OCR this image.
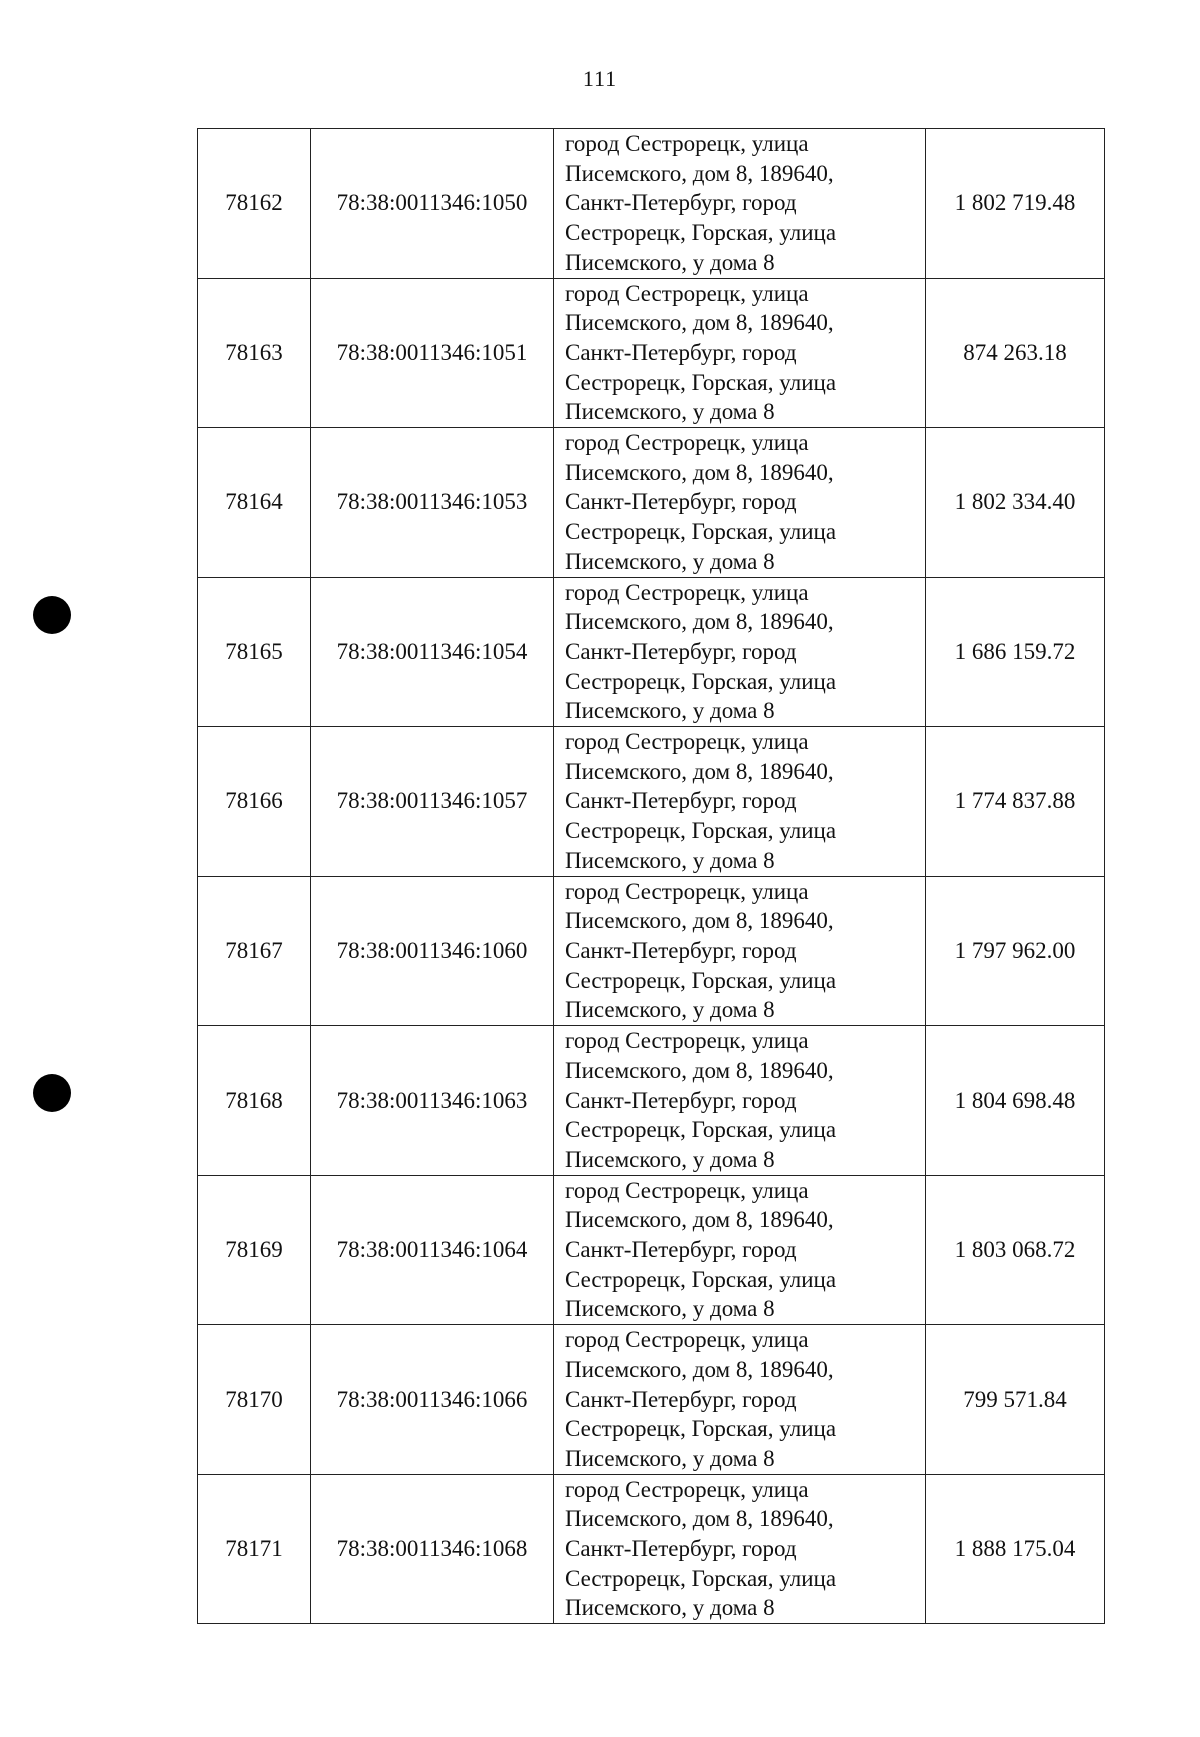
111
78162	78:38:0011346:1050	город Сестрорецк, улица
Писемского, дом 8, 189640,
Санкт-Петербург, город
Сестрорецк, Горская, улица
Писемского, у дома 8	1 802 719.48
78163	78:38:0011346:1051	город Сестрорецк, улица
Писемского, дом 8, 189640,
Санкт-Петербург, город
Сестрорецк, Горская, улица
Писемского, у дома 8	874 263.18
78164	78:38:0011346:1053	город Сестрорецк, улица
Писемского, дом 8, 189640,
Санкт-Петербург, город
Сестрорецк, Горская, улица
Писемского, у дома 8	1 802 334.40
78165	78:38:0011346:1054	город Сестрорецк, улица
Писемского, дом 8, 189640,
Санкт-Петербург, город
Сестрорецк, Горская, улица
Писемского, у дома 8	1 686 159.72
78166	78:38:0011346:1057	город Сестрорецк, улица
Писемского, дом 8, 189640,
Санкт-Петербург, город
Сестрорецк, Горская, улица
Писемского, у дома 8	1 774 837.88
78167	78:38:0011346:1060	город Сестрорецк, улица
Писемского, дом 8, 189640,
Санкт-Петербург, город
Сестрорецк, Горская, улица
Писемского, у дома 8	1 797 962.00
78168	78:38:0011346:1063	город Сестрорецк, улица
Писемского, дом 8, 189640,
Санкт-Петербург, город
Сестрорецк, Горская, улица
Писемского, у дома 8	1 804 698.48
78169	78:38:0011346:1064	город Сестрорецк, улица
Писемского, дом 8, 189640,
Санкт-Петербург, город
Сестрорецк, Горская, улица
Писемского, у дома 8	1 803 068.72
78170	78:38:0011346:1066	город Сестрорецк, улица
Писемского, дом 8, 189640,
Санкт-Петербург, город
Сестрорецк, Горская, улица
Писемского, у дома 8	799 571.84
78171	78:38:0011346:1068	город Сестрорецк, улица
Писемского, дом 8, 189640,
Санкт-Петербург, город
Сестрорецк, Горская, улица
Писемского, у дома 8	1 888 175.04
